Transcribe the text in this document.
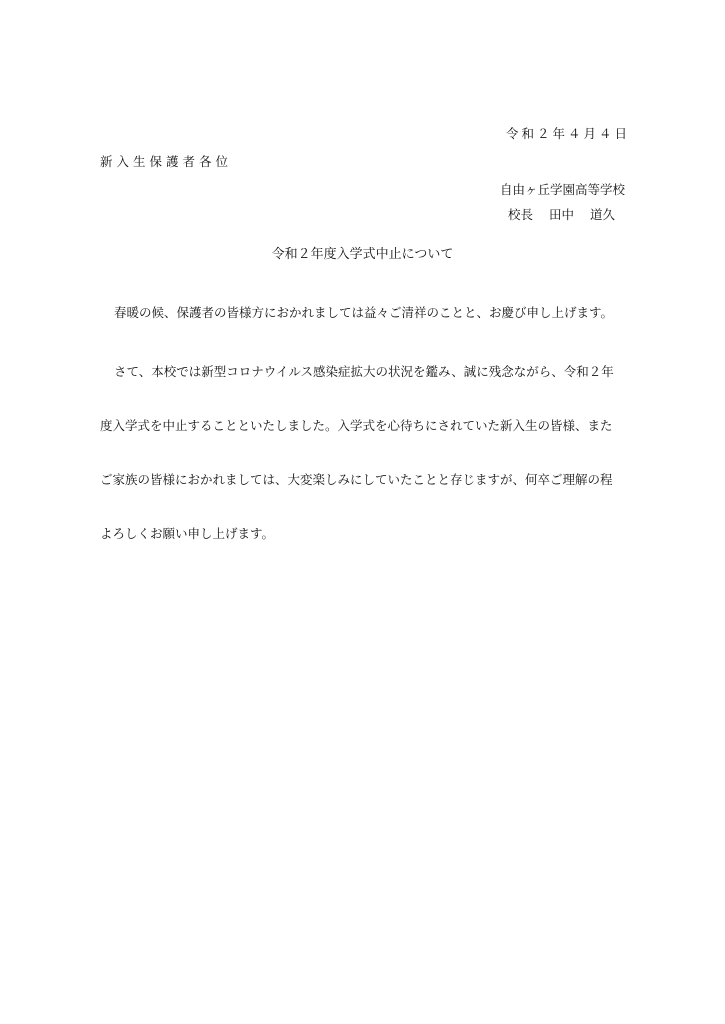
令和２年４月４日
新入生保護者各位
自由ヶ丘学園高等学校
校長 田中 道久
令和２年度入学式中止について
春暖の候、保護者の皆様方におかれましては益々ご清祥のことと、お慶び申し上げます。
さて、本校では新型コロナウイルス感染症拡大の状況を鑑み、誠に残念ながら、令和２年
度入学式を中止することといたしました。入学式を心待ちにされていた新入生の皆様、また
ご家族の皆様におかれましては、大変楽しみにしていたことと存じますが、何卒ご理解の程
よろしくお願い申し上げます。
